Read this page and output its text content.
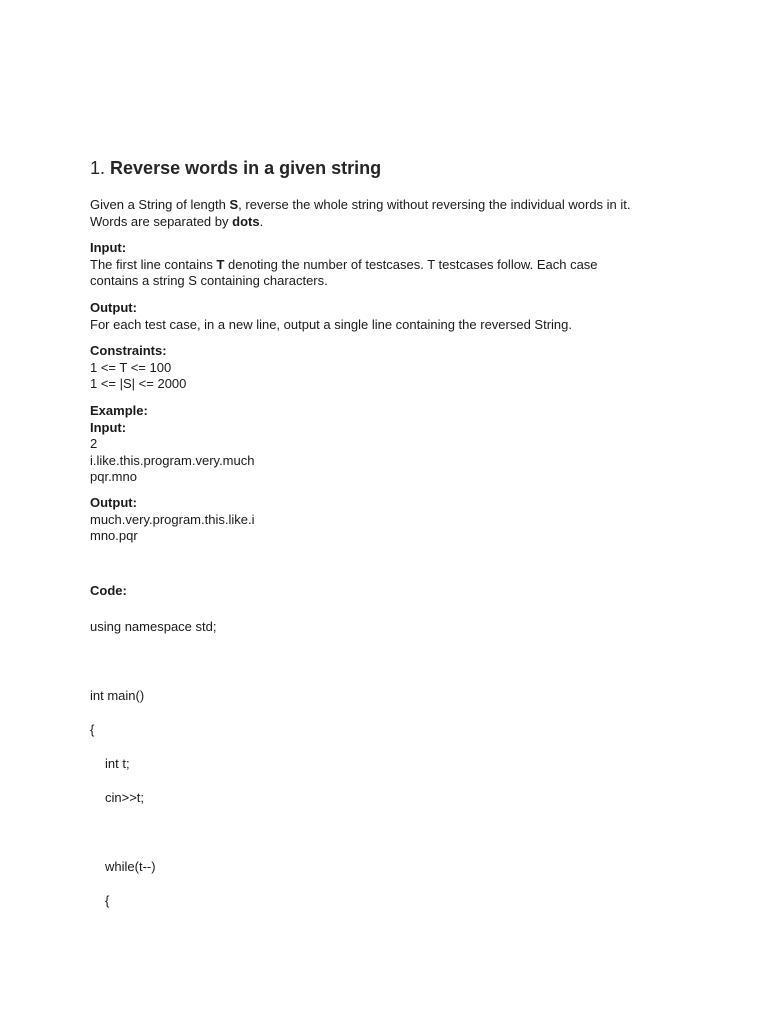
1. Reverse words in a given string
Given a String of length S, reverse the whole string without reversing the individual words in it.
Words are separated by dots.
Input:
The first line contains T denoting the number of testcases. T testcases follow. Each case
contains a string S containing characters.
Output:
For each test case, in a new line, output a single line containing the reversed String.
Constraints:
1 <= T <= 100
1 <= |S| <= 2000
Example:
Input:
2
i.like.this.program.very.much
pqr.mno
Output:
much.very.program.this.like.i
mno.pqr
Code:
using namespace std;
int main()
{
int t;
cin>>t;
while(t--)
{
